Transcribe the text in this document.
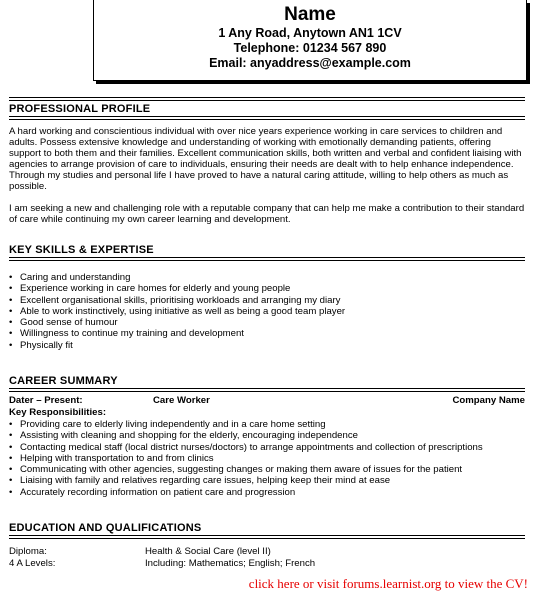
Name
1 Any Road, Anytown AN1 1CV
Telephone: 01234 567 890
Email: anyaddress@example.com
PROFESSIONAL PROFILE

A hard working and conscientious individual with over nice years experience working in care services to children and adults. Possess extensive knowledge and understanding of working with emotionally demanding patients, offering support to both them and their families. Excellent communication skills, both written and verbal and confident liaising with agencies to arrange provision of care to individuals, ensuring their needs are dealt with to help enhance independence. Through my studies and personal life I have proved to have a natural caring attitude, willing to help others as much as possible.

I am seeking a new and challenging role with a reputable company that can help me make a contribution to their standard of care while continuing my own career learning and development.

KEY SKILLS & EXPERTISE
• Caring and understanding
• Experience working in care homes for elderly and young people
• Excellent organisational skills, prioritising workloads and arranging my diary
• Able to work instinctively, using initiative as well as being a good team player
• Good sense of humour
• Willingness to continue my training and development
• Physically fit
CAREER SUMMARY
Dater – Present:	Care Worker	Company Name
Key Responsibilities:
• Providing care to elderly living independently and in a care home setting
• Assisting with cleaning and shopping for the elderly, encouraging independence
• Contacting medical staff (local district nurses/doctors) to arrange appointments and collection of prescriptions
• Helping with transportation to and from clinics
• Communicating with other agencies, suggesting changes or making them aware of issues for the patient
• Liaising with family and relatives regarding care issues, helping keep their mind at ease
• Accurately recording information on patient care and progression
EDUCATION AND QUALIFICATIONS
Diploma:	Health & Social Care (level II)
4 A Levels:	Including: Mathematics; English; French
click here or visit forums.learnist.org to view the CV!
